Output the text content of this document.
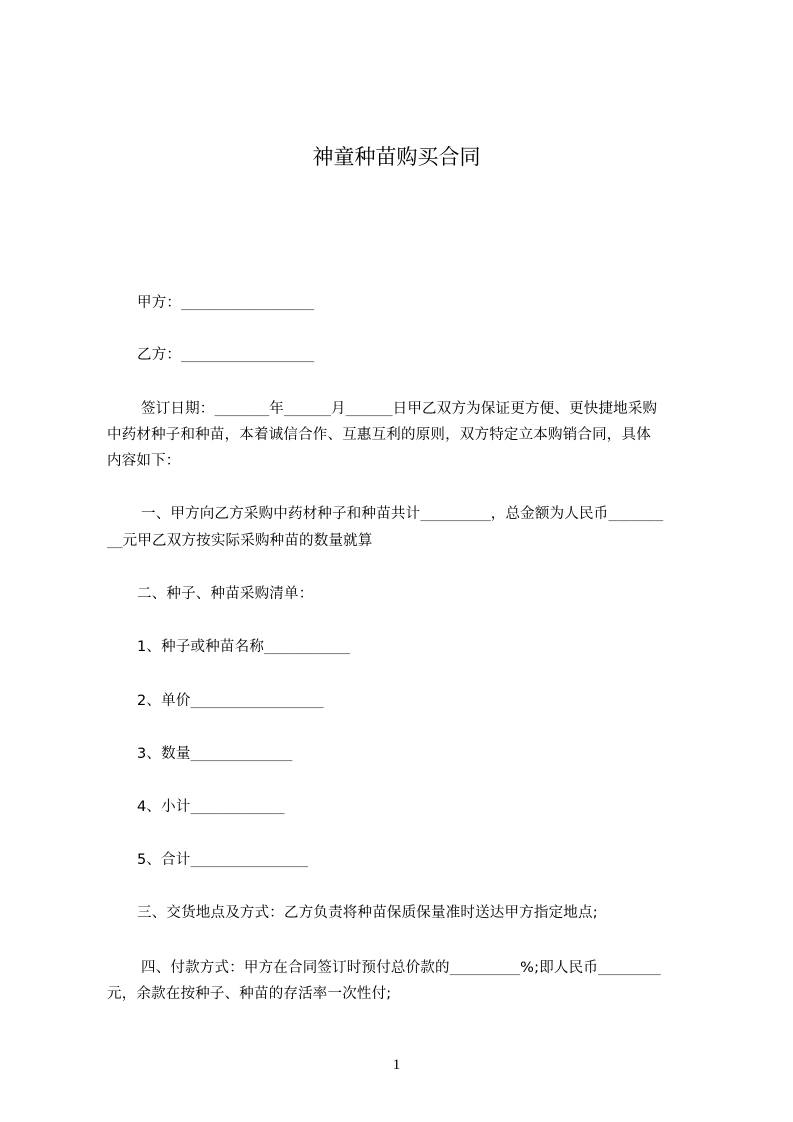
神童种苗购买合同
甲方：_________________
乙方：_________________
签订日期：_______年______月______日甲乙双方为保证更方便、更快捷地采购
中药材种子和种苗，本着诚信合作、互惠互利的原则，双方特定立本购销合同，具体
内容如下：
一、甲方向乙方采购中药材种子和种苗共计_________，总金额为人民币_______
__元甲乙双方按实际采购种苗的数量就算
二、种子、种苗采购清单：
1、种子或种苗名称___________
2、单价_________________
3、数量_____________
4、小计____________
5、合计_______________
三、交货地点及方式：乙方负责将种苗保质保量准时送达甲方指定地点;
四、付款方式：甲方在合同签订时预付总价款的_________%;即人民币________
元，余款在按种子、种苗的存活率一次性付;
1
